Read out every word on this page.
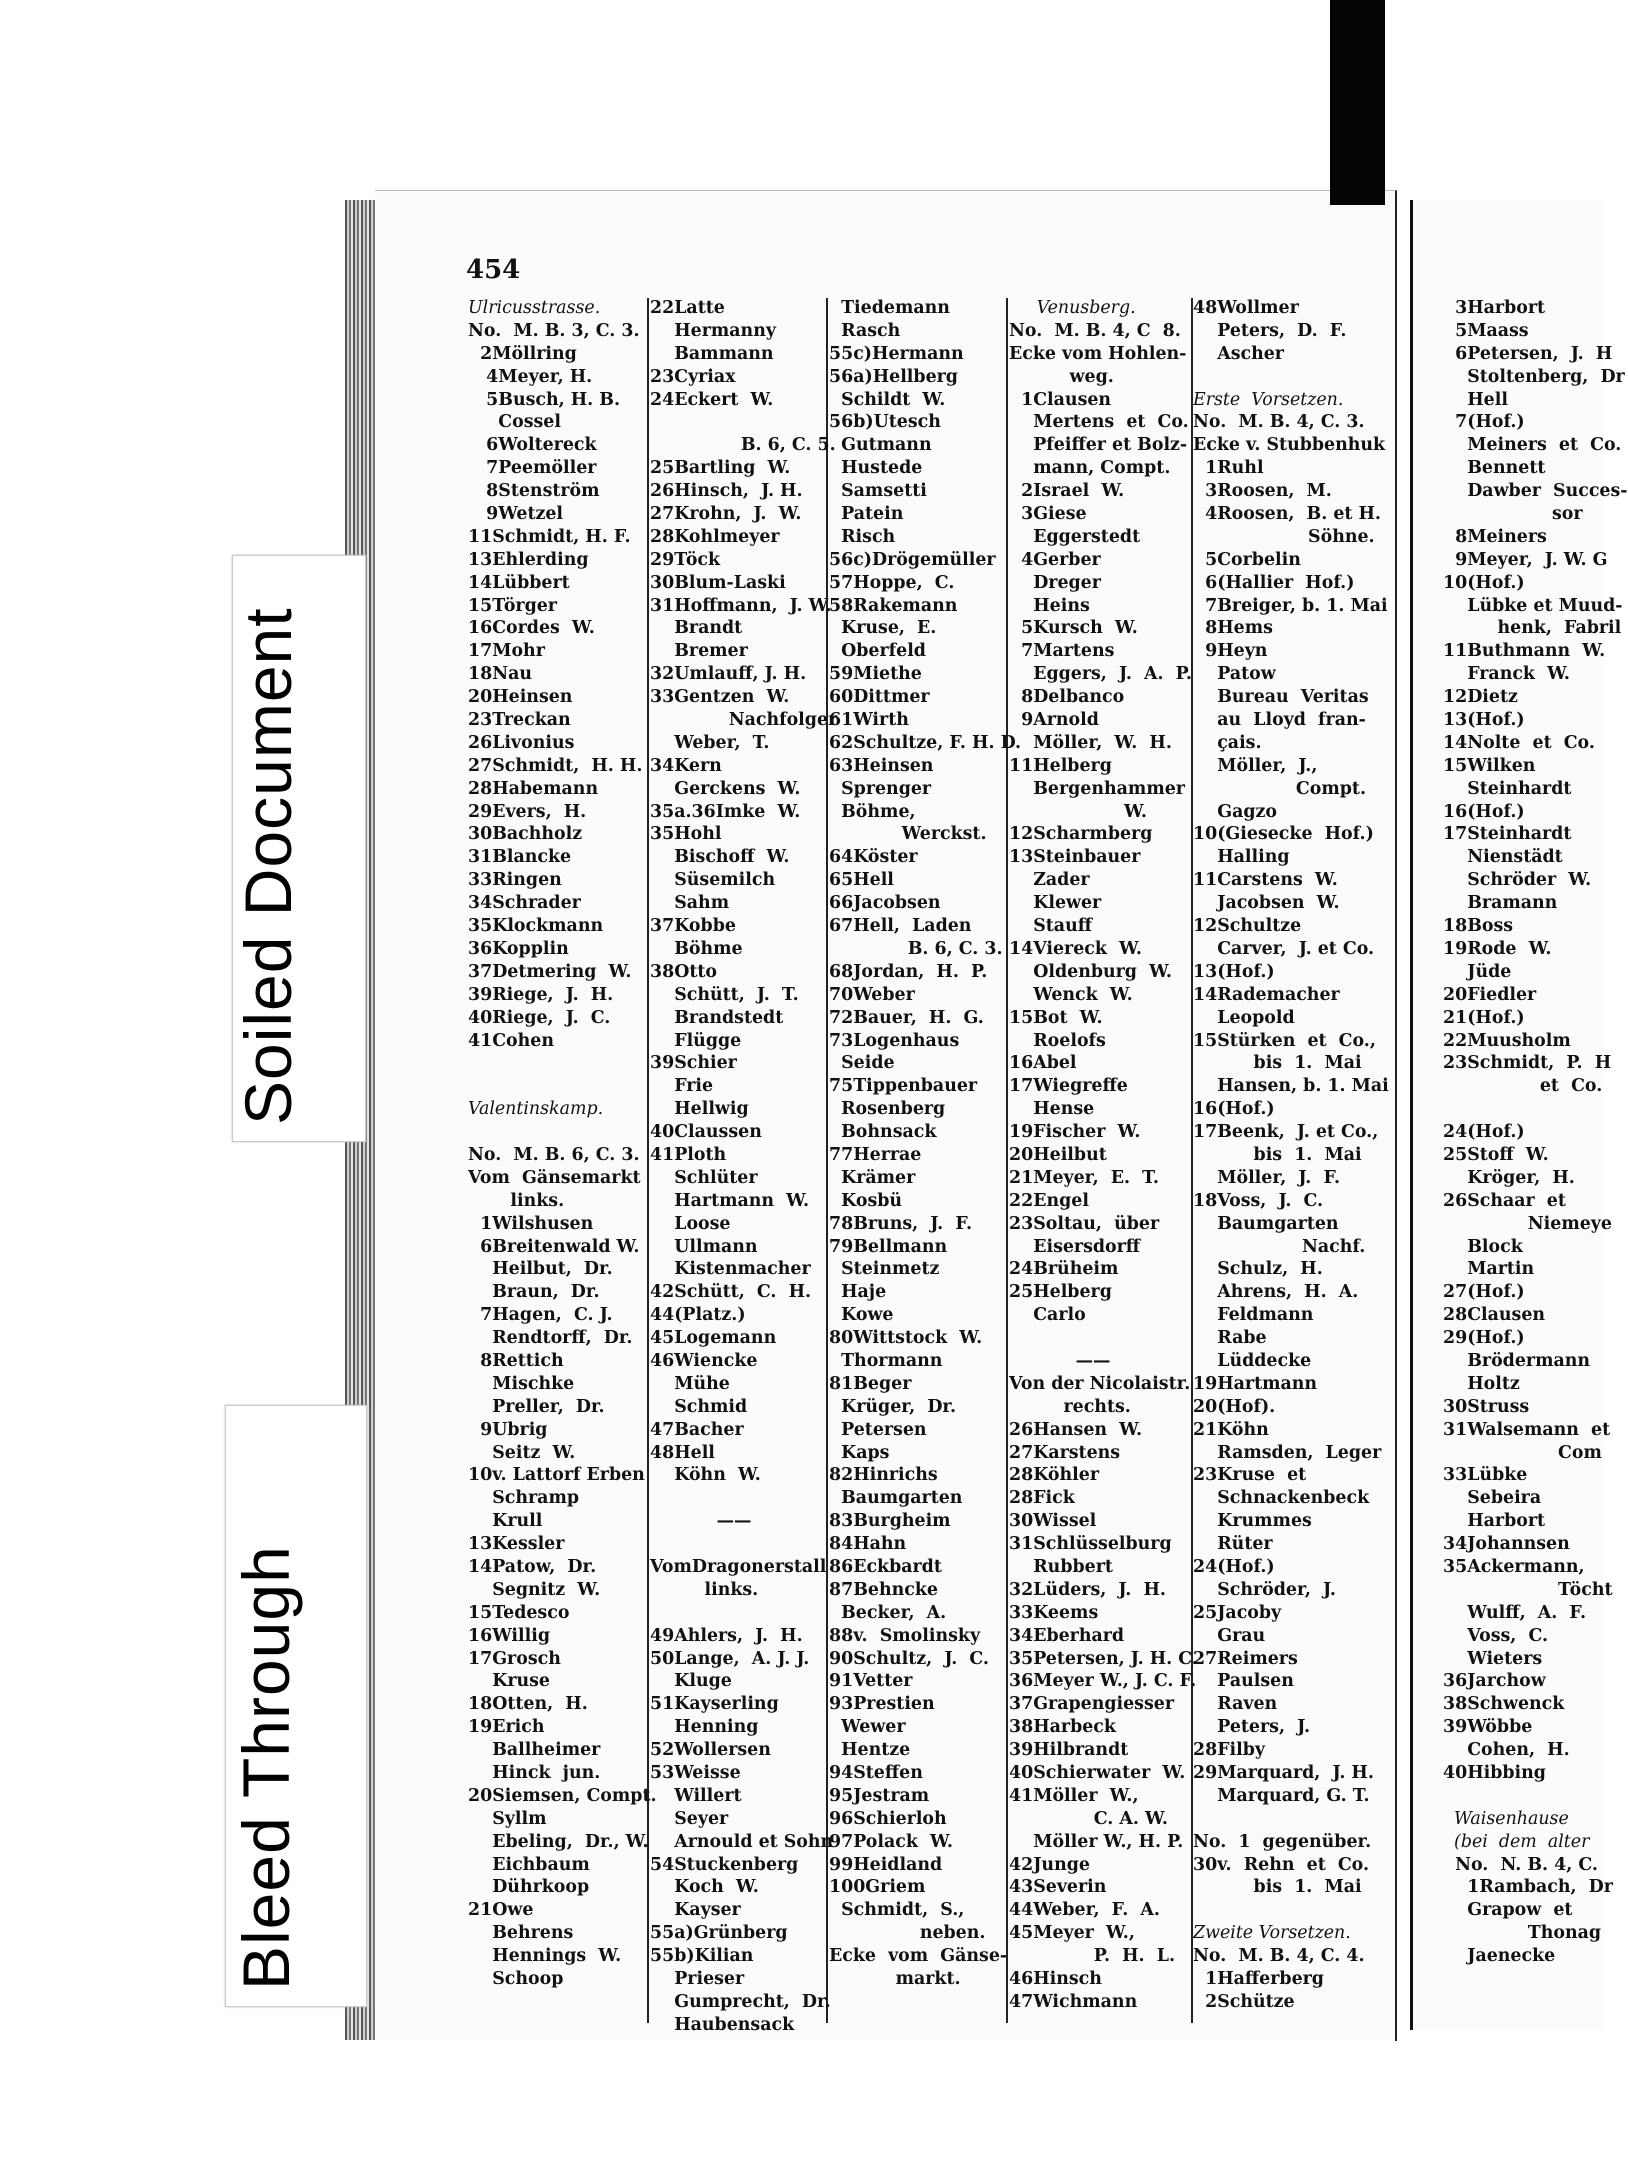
Soiled Document
Bleed Through
454
Ulricusstrasse.
No.  M. B. 3, C. 3.
2Möllring
4Meyer, H.
5Busch, H. B.
Cossel
6Woltereck
7Peemöller
8Stenström
9Wetzel
11Schmidt, H. F.
13Ehlerding
14Lübbert
15Törger
16Cordes  W.
17Mohr
18Nau
20Heinsen
23Treckan
26Livonius
27Schmidt,  H. H.
28Habemann
29Evers,  H.
30Bachholz
31Blancke
33Ringen
34Schrader
35Klockmann
36Kopplin
37Detmering  W.
39Riege,  J.  H.
40Riege,  J.  C.
41Cohen
Valentinskamp.
No.  M. B. 6, C. 3.
Vom  Gänsemarkt
links.
1Wilshusen
6Breitenwald W.
Heilbut,  Dr.
Braun,  Dr.
7Hagen,  C. J.
Rendtorff,  Dr.
8Rettich
Mischke
Preller,  Dr.
9Ubrig
Seitz  W.
10v. Lattorf Erben
Schramp
Krull
13Kessler
14Patow,  Dr.
Segnitz  W.
15Tedesco
16Willig
17Grosch
Kruse
18Otten,  H.
19Erich
Ballheimer
Hinck  jun.
20Siemsen, Compt.
Syllm
Ebeling,  Dr., W.
Eichbaum
Dührkoop
21Owe
Behrens
Hennings  W.
Schoop
22Latte
Hermanny
Bammann
23Cyriax
24Eckert  W.
B. 6, C. 5.
25Bartling  W.
26Hinsch,  J. H.
27Krohn,  J.  W.
28Kohlmeyer
29Töck
30Blum-Laski
31Hoffmann,  J. W.
Brandt
Bremer
32Umlauff, J. H.
33Gentzen  W.
Nachfolger
Weber,  T.
34Kern
Gerckens  W.
35a.36Imke  W.
35Hohl
Bischoff  W.
Süsemilch
Sahm
37Kobbe
Böhme
38Otto
Schütt,  J.  T.
Brandstedt
Flügge
39Schier
Frie
Hellwig
40Claussen
41Ploth
Schlüter
Hartmann  W.
Loose
Ullmann
Kistenmacher
42Schütt,  C.  H.
44(Platz.)
45Logemann
46Wiencke
Mühe
Schmid
47Bacher
48Hell
Köhn  W.
——
VomDragonerstall
links.
49Ahlers,  J.  H.
50Lange,  A. J. J.
Kluge
51Kayserling
Henning
52Wollersen
53Weisse
Willert
Seyer
Arnould et Sohn
54Stuckenberg
Koch  W.
Kayser
55a)Grünberg
55b)Kilian
Prieser
Gumprecht,  Dr.
Haubensack
Tiedemann
Rasch
55c)Hermann
56a)Hellberg
Schildt  W.
56b)Utesch
Gutmann
Hustede
Samsetti
Patein
Risch
56c)Drögemüller
57Hoppe,  C.
58Rakemann
Kruse,  E.
Oberfeld
59Miethe
60Dittmer
61Wirth
62Schultze, F. H. D.
63Heinsen
Sprenger
Böhme,
Werckst.
64Köster
65Hell
66Jacobsen
67Hell,  Laden
B. 6, C. 3.
68Jordan,  H.  P.
70Weber
72Bauer,  H.  G.
73Logenhaus
Seide
75Tippenbauer
Rosenberg
Bohnsack
77Herrae
Krämer
Kosbü
78Bruns,  J.  F.
79Bellmann
Steinmetz
Haje
Kowe
80Wittstock  W.
Thormann
81Beger
Krüger,  Dr.
Petersen
Kaps
82Hinrichs
Baumgarten
83Burgheim
84Hahn
86Eckbardt
87Behncke
Becker,  A.
88v.  Smolinsky
90Schultz,  J.  C.
91Vetter
93Prestien
Wewer
Hentze
94Steffen
95Jestram
96Schierloh
97Polack  W.
99Heidland
100Griem
Schmidt,  S.,
neben.
Ecke  vom  Gänse-
markt.
Venusberg.
No.  M. B. 4, C  8.
Ecke vom Hohlen-
weg.
1Clausen
Mertens  et  Co.
Pfeiffer et Bolz-
mann, Compt.
2Israel  W.
3Giese
Eggerstedt
4Gerber
Dreger
Heins
5Kursch  W.
7Martens
Eggers,  J.  A.  P.
8Delbanco
9Arnold
Möller,  W.  H.
11Helberg
Bergenhammer
W.
12Scharmberg
13Steinbauer
Zader
Klewer
Stauff
14Viereck  W.
Oldenburg  W.
Wenck  W.
15Bot  W.
Roelofs
16Abel
17Wiegreffe
Hense
19Fischer  W.
20Heilbut
21Meyer,  E.  T.
22Engel
23Soltau,  über
Eisersdorff
24Brüheim
25Helberg
Carlo
——
Von der Nicolaistr.
rechts.
26Hansen  W.
27Karstens
28Köhler
28Fick
30Wissel
31Schlüsselburg
Rubbert
32Lüders,  J.  H.
33Keems
34Eberhard
35Petersen, J. H. C.
36Meyer W., J. C. F.
37Grapengiesser
38Harbeck
39Hilbrandt
40Schierwater  W.
41Möller  W.,
C. A. W.
Möller W., H. P.
42Junge
43Severin
44Weber,  F.  A.
45Meyer  W.,
P.  H.  L.
46Hinsch
47Wichmann
48Wollmer
Peters,  D.  F.
Ascher
Erste  Vorsetzen.
No.  M. B. 4, C. 3.
Ecke v. Stubbenhuk
1Ruhl
3Roosen,  M.
4Roosen,  B. et H.
Söhne.
5Corbelin
6(Hallier  Hof.)
7Breiger, b. 1. Mai
8Hems
9Heyn
Patow
Bureau  Veritas
au  Lloyd  fran-
çais.
Möller,  J.,
Compt.
Gagzo
10(Giesecke  Hof.)
Halling
11Carstens  W.
Jacobsen  W.
12Schultze
Carver,  J. et Co.
13(Hof.)
14Rademacher
Leopold
15Stürken  et  Co.,
bis  1.  Mai
Hansen, b. 1. Mai
16(Hof.)
17Beenk,  J. et Co.,
bis  1.  Mai
Möller,  J.  F.
18Voss,  J.  C.
Baumgarten
Nachf.
Schulz,  H.
Ahrens,  H.  A.
Feldmann
Rabe
Lüddecke
19Hartmann
20(Hof).
21Köhn
Ramsden,  Leger
23Kruse  et
Schnackenbeck
Krummes
Rüter
24(Hof.)
Schröder,  J.
25Jacoby
Grau
27Reimers
Paulsen
Raven
Peters,  J.
28Filby
29Marquard,  J. H.
Marquard, G. T.
No.  1  gegenüber.
30v.  Rehn  et  Co.
bis  1.  Mai
Zweite Vorsetzen.
No.  M. B. 4, C. 4.
1Hafferberg
2Schütze
3Harbort
5Maass
6Petersen,  J.  H
Stoltenberg,  Dr
Hell
7(Hof.)
Meiners  et  Co.
Bennett
Dawber  Succes-
sor
8Meiners
9Meyer,  J. W. G
10(Hof.)
Lübke et Muud-
henk,  Fabril
11Buthmann  W.
Franck  W.
12Dietz
13(Hof.)
14Nolte  et  Co.
15Wilken
Steinhardt
16(Hof.)
17Steinhardt
Nienstädt
Schröder  W.
Bramann
18Boss
19Rode  W.
Jüde
20Fiedler
21(Hof.)
22Muusholm
23Schmidt,  P.  H
et  Co.
24(Hof.)
25Stoff  W.
Kröger,  H.
26Schaar  et
Niemeye
Block
Martin
27(Hof.)
28Clausen
29(Hof.)
Brödermann
Holtz
30Struss
31Walsemann  et
Com
33Lübke
Sebeira
Harbort
34Johannsen
35Ackermann,
Töcht
Wulff,  A.  F.
Voss,  C.
Wieters
36Jarchow
38Schwenck
39Wöbbe
Cohen,  H.
40Hibbing
Waisenhause
(bei  dem  alter
No.  N. B. 4, C.
1Rambach,  Dr
Grapow  et
Thonag
Jaenecke
